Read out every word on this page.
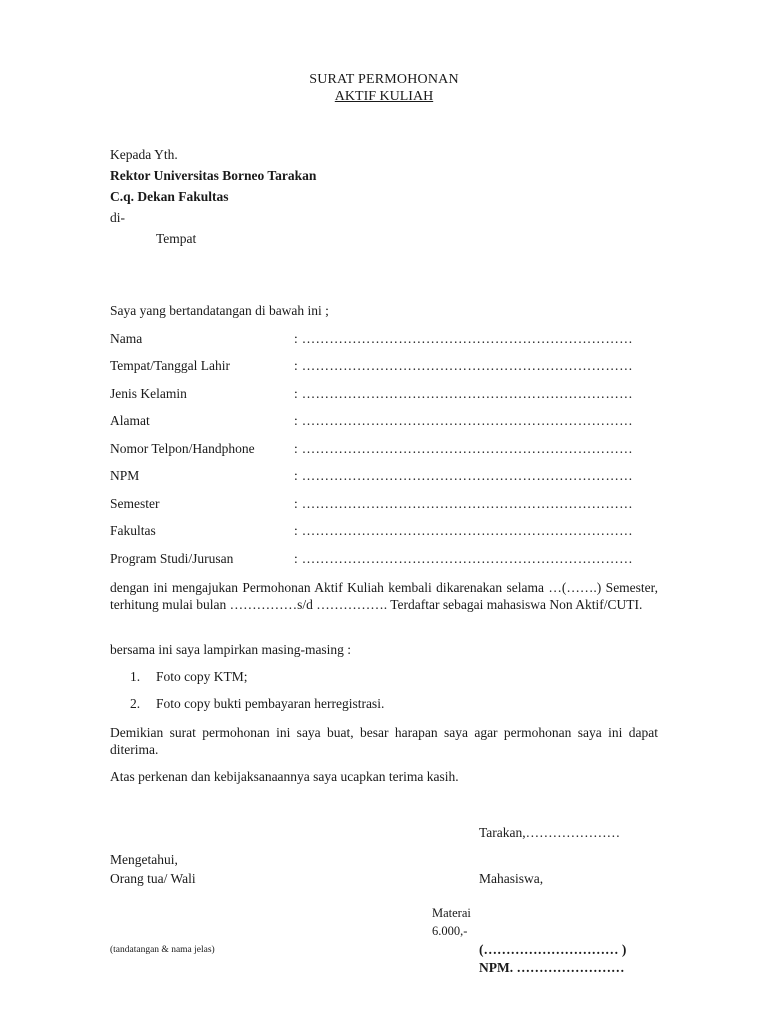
SURAT PERMOHONAN
AKTIF KULIAH
Kepada Yth.
Rektor Universitas Borneo Tarakan
C.q. Dekan Fakultas
di-
Tempat
Saya yang bertandatangan di bawah ini ;
Nama	: ………………………………………………………………
Tempat/Tanggal Lahir	: ………………………………………………………………
Jenis Kelamin	: ………………………………………………………………
Alamat	: ………………………………………………………………
Nomor Telpon/Handphone	: ………………………………………………………………
NPM	: ………………………………………………………………
Semester	: ………………………………………………………………
Fakultas	: ………………………………………………………………
Program Studi/Jurusan	: ………………………………………………………………
dengan ini mengajukan Permohonan Aktif Kuliah kembali dikarenakan selama …(…….) Semester, terhitung mulai bulan ……………s/d ……………. Terdaftar sebagai mahasiswa Non Aktif/CUTI.
bersama ini saya lampirkan masing-masing :
1. Foto copy KTM;
2. Foto copy bukti pembayaran herregistrasi.
Demikian surat permohonan ini saya buat, besar harapan saya agar permohonan saya ini dapat diterima.
Atas perkenan dan kebijaksanaannya saya ucapkan terima kasih.
Tarakan,…………………
Mengetahui,
Orang tua/ Wali	Mahasiswa,
Materai
6.000,-
(tandatangan & nama jelas)	(………………………… )
NPM. ……………………
